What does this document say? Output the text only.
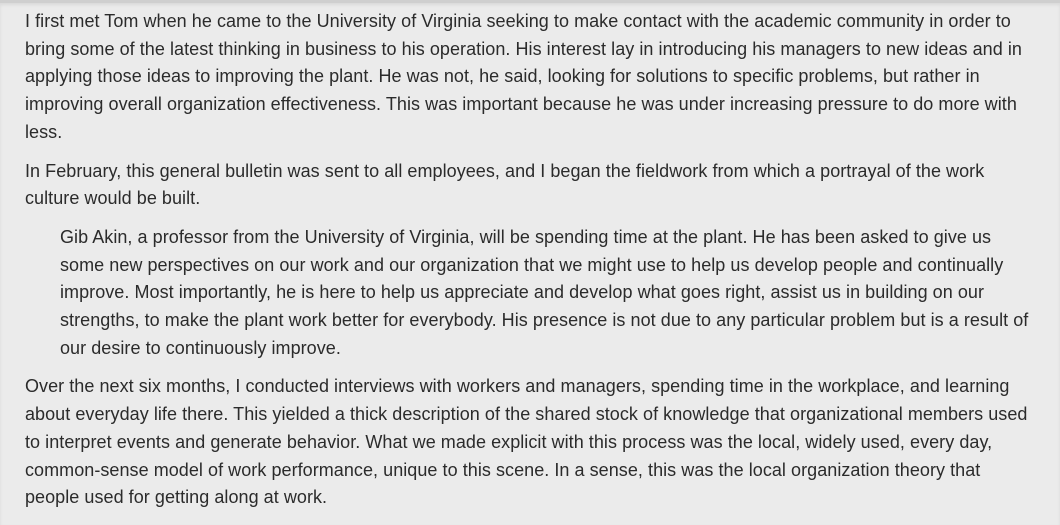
I first met Tom when he came to the University of Virginia seeking to make contact with the academic community in order to bring some of the latest thinking in business to his operation. His interest lay in introducing his managers to new ideas and in applying those ideas to improving the plant. He was not, he said, looking for solutions to specific problems, but rather in improving overall organization effectiveness. This was important because he was under increasing pressure to do more with less.

In February, this general bulletin was sent to all employees, and I began the fieldwork from which a portrayal of the work culture would be built.

Gib Akin, a professor from the University of Virginia, will be spending time at the plant. He has been asked to give us some new perspectives on our work and our organization that we might use to help us develop people and continually improve. Most importantly, he is here to help us appreciate and develop what goes right, assist us in building on our strengths, to make the plant work better for everybody. His presence is not due to any particular problem but is a result of our desire to continuously improve.

Over the next six months, I conducted interviews with workers and managers, spending time in the workplace, and learning about everyday life there. This yielded a thick description of the shared stock of knowledge that organizational members used to interpret events and generate behavior. What we made explicit with this process was the local, widely used, every day, common-sense model of work performance, unique to this scene. In a sense, this was the local organization theory that people used for getting along at work.
